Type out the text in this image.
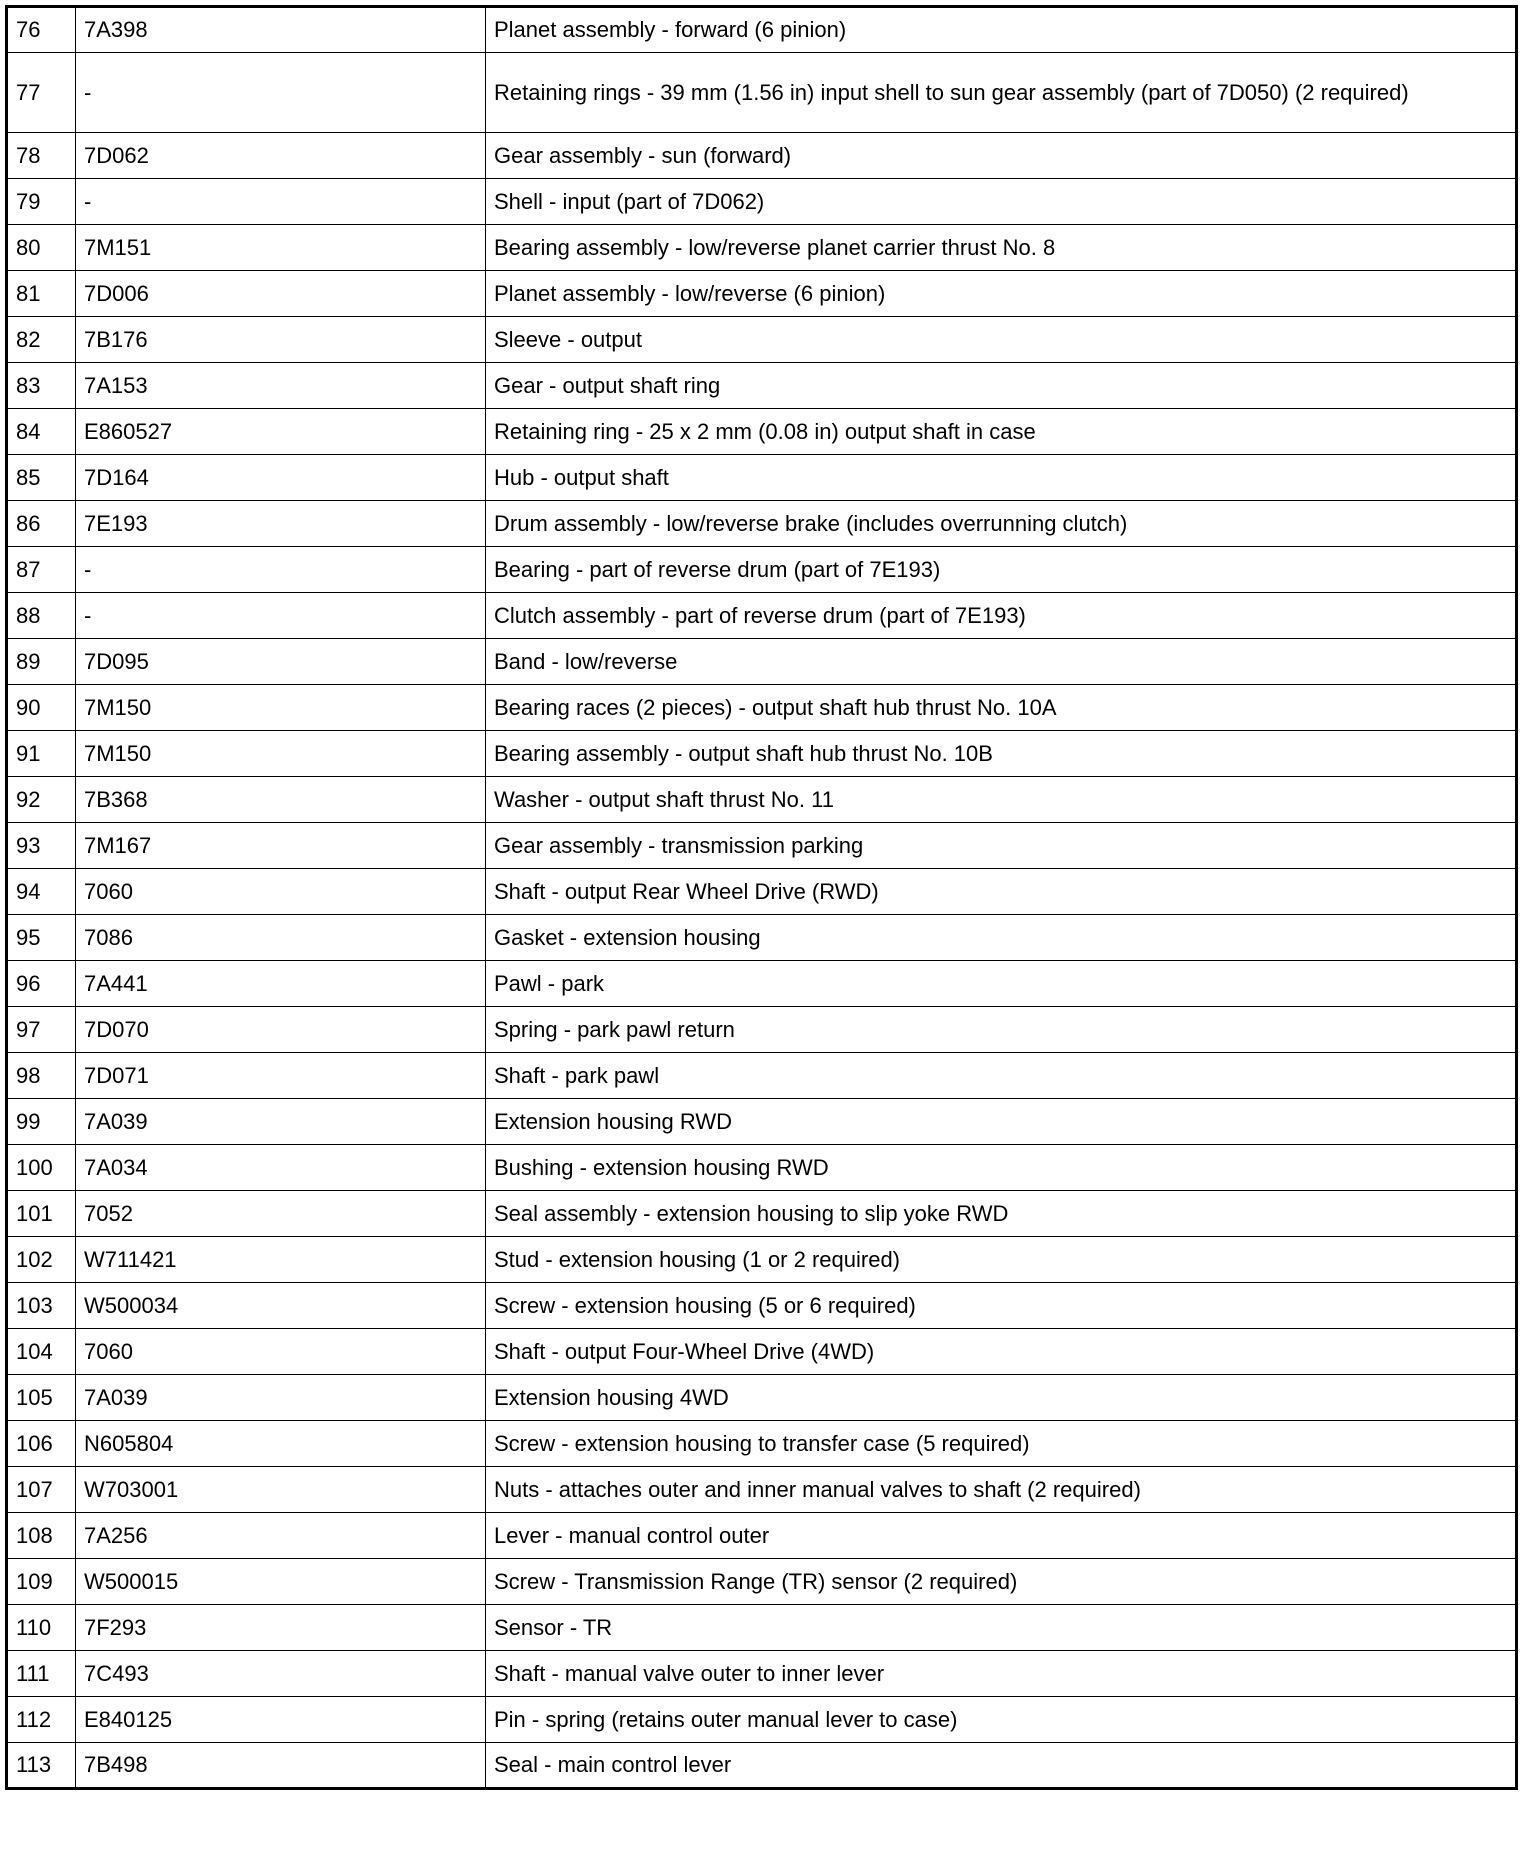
76	7A398	Planet assembly - forward (6 pinion)
77	-	Retaining rings - 39 mm (1.56 in) input shell to sun gear assembly (part of 7D050) (2 required)
78	7D062	Gear assembly - sun (forward)
79	-	Shell - input (part of 7D062)
80	7M151	Bearing assembly - low/reverse planet carrier thrust No. 8
81	7D006	Planet assembly - low/reverse (6 pinion)
82	7B176	Sleeve - output
83	7A153	Gear - output shaft ring
84	E860527	Retaining ring - 25 x 2 mm (0.08 in) output shaft in case
85	7D164	Hub - output shaft
86	7E193	Drum assembly - low/reverse brake (includes overrunning clutch)
87	-	Bearing - part of reverse drum (part of 7E193)
88	-	Clutch assembly - part of reverse drum (part of 7E193)
89	7D095	Band - low/reverse
90	7M150	Bearing races (2 pieces) - output shaft hub thrust No. 10A
91	7M150	Bearing assembly - output shaft hub thrust No. 10B
92	7B368	Washer - output shaft thrust No. 11
93	7M167	Gear assembly - transmission parking
94	7060	Shaft - output Rear Wheel Drive (RWD)
95	7086	Gasket - extension housing
96	7A441	Pawl - park
97	7D070	Spring - park pawl return
98	7D071	Shaft - park pawl
99	7A039	Extension housing RWD
100	7A034	Bushing - extension housing RWD
101	7052	Seal assembly - extension housing to slip yoke RWD
102	W711421	Stud - extension housing (1 or 2 required)
103	W500034	Screw - extension housing (5 or 6 required)
104	7060	Shaft - output Four-Wheel Drive (4WD)
105	7A039	Extension housing 4WD
106	N605804	Screw - extension housing to transfer case (5 required)
107	W703001	Nuts - attaches outer and inner manual valves to shaft (2 required)
108	7A256	Lever - manual control outer
109	W500015	Screw - Transmission Range (TR) sensor (2 required)
110	7F293	Sensor - TR
111	7C493	Shaft - manual valve outer to inner lever
112	E840125	Pin - spring (retains outer manual lever to case)
113	7B498	Seal - main control lever
